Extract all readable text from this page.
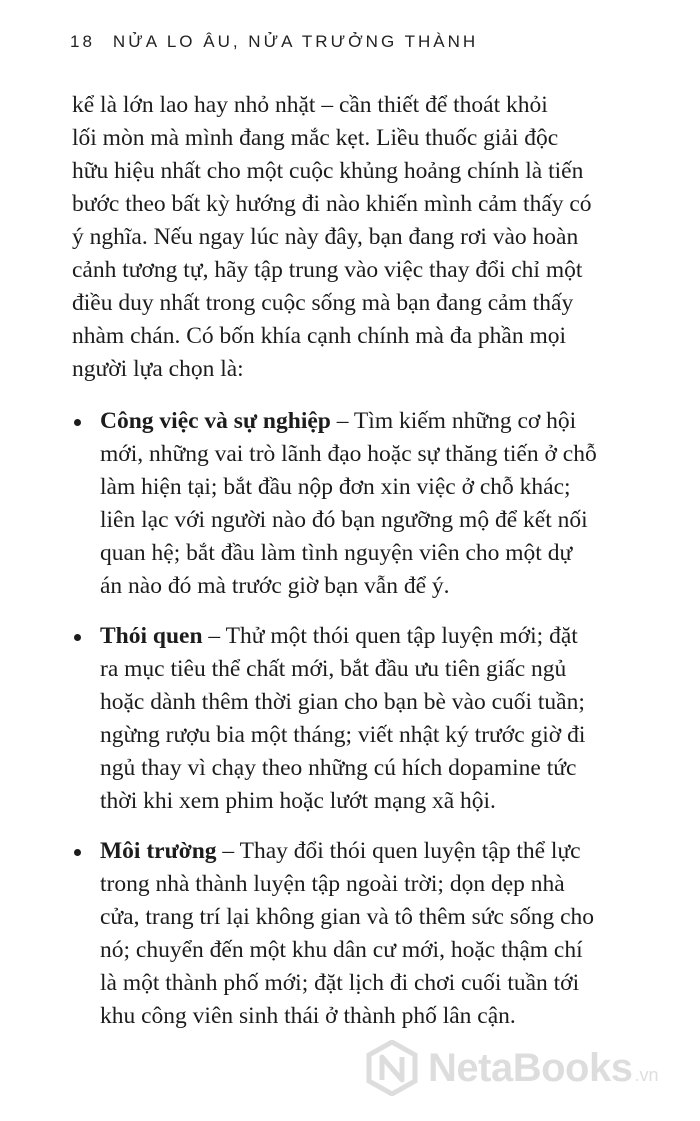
18 NỬA LO ÂU, NỬA TRƯỞNG THÀNH
kể là lớn lao hay nhỏ nhặt – cần thiết để thoát khỏi
lối mòn mà mình đang mắc kẹt. Liều thuốc giải độc
hữu hiệu nhất cho một cuộc khủng hoảng chính là tiến
bước theo bất kỳ hướng đi nào khiến mình cảm thấy có
ý nghĩa. Nếu ngay lúc này đây, bạn đang rơi vào hoàn
cảnh tương tự, hãy tập trung vào việc thay đổi chỉ một
điều duy nhất trong cuộc sống mà bạn đang cảm thấy
nhàm chán. Có bốn khía cạnh chính mà đa phần mọi
người lựa chọn là:
Công việc và sự nghiệp – Tìm kiếm những cơ hội
mới, những vai trò lãnh đạo hoặc sự thăng tiến ở chỗ
làm hiện tại; bắt đầu nộp đơn xin việc ở chỗ khác;
liên lạc với người nào đó bạn ngưỡng mộ để kết nối
quan hệ; bắt đầu làm tình nguyện viên cho một dự
án nào đó mà trước giờ bạn vẫn để ý.
Thói quen – Thử một thói quen tập luyện mới; đặt
ra mục tiêu thể chất mới, bắt đầu ưu tiên giấc ngủ
hoặc dành thêm thời gian cho bạn bè vào cuối tuần;
ngừng rượu bia một tháng; viết nhật ký trước giờ đi
ngủ thay vì chạy theo những cú hích dopamine tức
thời khi xem phim hoặc lướt mạng xã hội.
Môi trường – Thay đổi thói quen luyện tập thể lực
trong nhà thành luyện tập ngoài trời; dọn dẹp nhà
cửa, trang trí lại không gian và tô thêm sức sống cho
nó; chuyển đến một khu dân cư mới, hoặc thậm chí
là một thành phố mới; đặt lịch đi chơi cuối tuần tới
khu công viên sinh thái ở thành phố lân cận.
NetaBooks .vn
